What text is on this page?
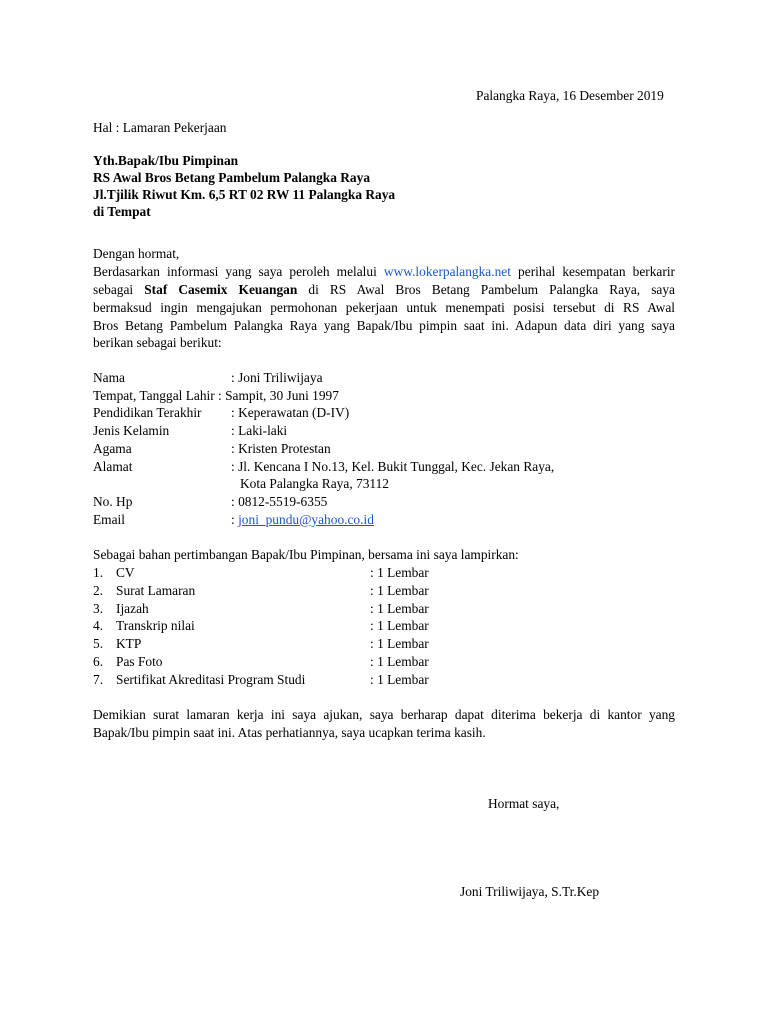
Palangka Raya, 16 Desember 2019
Hal : Lamaran Pekerjaan
Yth.Bapak/Ibu Pimpinan
RS Awal Bros Betang Pambelum Palangka Raya
Jl.Tjilik Riwut Km. 6,5 RT 02 RW 11 Palangka Raya
di Tempat
Dengan hormat,
Berdasarkan informasi yang saya peroleh melalui www.lokerpalangka.net perihal kesempatan berkarir
sebagai Staf Casemix Keuangan di RS Awal Bros Betang Pambelum Palangka Raya, saya
bermaksud ingin mengajukan permohonan pekerjaan untuk menempati posisi tersebut di RS Awal
Bros Betang Pambelum Palangka Raya yang Bapak/Ibu pimpin saat ini. Adapun data diri yang saya
berikan sebagai berikut:
Nama	: Joni Triliwijaya
Tempat, Tanggal Lahir : Sampit, 30 Juni 1997
Pendidikan Terakhir : Keperawatan (D-IV)
Jenis Kelamin	: Laki-laki
Agama	: Kristen Protestan
Alamat	: Jl. Kencana I No.13, Kel. Bukit Tunggal, Kec. Jekan Raya,
Kota Palangka Raya, 73112
No. Hp	: 0812-5519-6355
Email	: joni_pundu@yahoo.co.id
Sebagai bahan pertimbangan Bapak/Ibu Pimpinan, bersama ini saya lampirkan:
1. CV	: 1 Lembar
2. Surat Lamaran	: 1 Lembar
3. Ijazah	: 1 Lembar
4. Transkrip nilai	: 1 Lembar
5. KTP	: 1 Lembar
6. Pas Foto	: 1 Lembar
7. Sertifikat Akreditasi Program Studi	: 1 Lembar
Demikian surat lamaran kerja ini saya ajukan, saya berharap dapat diterima bekerja di kantor yang
Bapak/Ibu pimpin saat ini. Atas perhatiannya, saya ucapkan terima kasih.
Hormat saya,
Joni Triliwijaya, S.Tr.Kep
